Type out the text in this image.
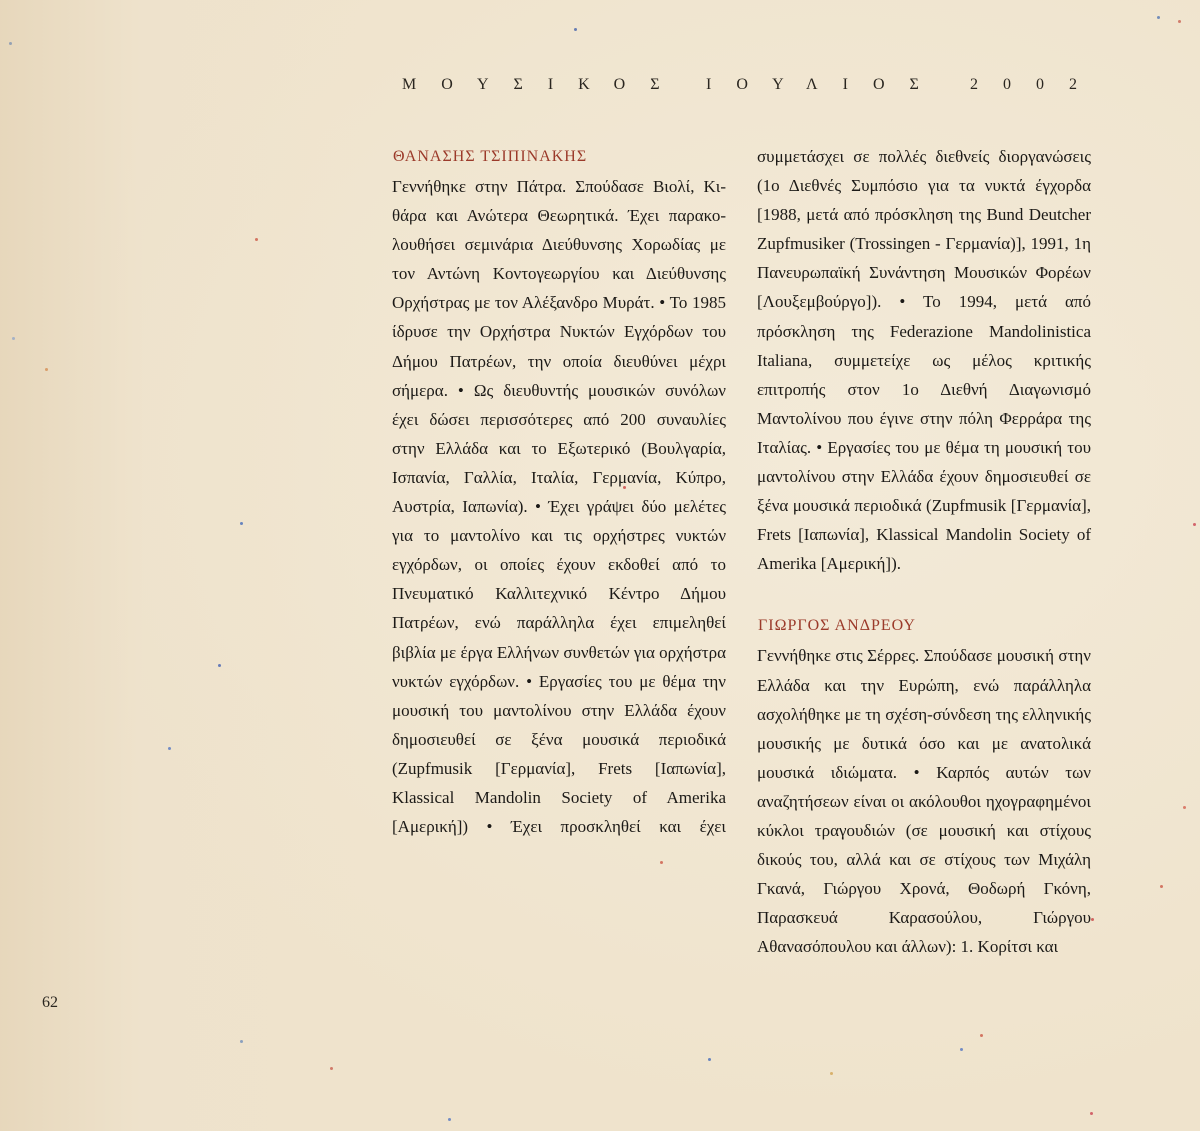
ΜΟΥΣΙΚΟΣ ΙΟΥΛΙΟΣ 2002
ΘΑΝΑΣΗΣ ΤΣΙΠΙΝΑΚΗΣ

Γεννήθηκε στην Πάτρα. Σπούδασε Βιολί, Κιθάρα και Ανώτερα Θεωρητικά. Έχει παρακολουθήσει σεμινάρια Διεύθυνσης Χορωδίας με τον Αντώνη Κοντογεωργίου και Διεύθυνσης Ορχήστρας με τον Αλέξανδρο Μυράτ. • Το 1985 ίδρυσε την Ορχήστρα Νυκτών Εγχόρδων του Δήμου Πατρέων, την οποία διευθύνει μέχρι σήμερα. • Ως διευθυντής μουσικών συνόλων έχει δώσει περισσότερες από 200 συναυλίες στην Ελλάδα και το Εξωτερικό (Βουλγαρία, Ισπανία, Γαλλία, Ιταλία, Γερμανία, Κύπρο, Αυστρία, Ιαπωνία). • Έχει γράψει δύο μελέτες για το μαντολίνο και τις ορχήστρες νυκτών εγχόρδων, οι οποίες έχουν εκδοθεί από το Πνευματικό Καλλιτεχνικό Κέντρο Δήμου Πατρέων, ενώ παράλληλα έχει επιμεληθεί βιβλία με έργα Ελλήνων συνθετών για ορχήστρα νυκτών εγχόρδων. • Εργασίες του με θέμα την μουσική του μαντολίνου στην Ελλάδα έχουν δημοσιευθεί σε ξένα μουσικά περιοδικά (Zupfmusik [Γερμανία], Frets [Ιαπωνία], Klassical Mandolin Society of Amerika [Αμερική]) • Έχει προσκληθεί και έχει

συμμετάσχει σε πολλές διεθνείς διοργανώσεις (1ο Διεθνές Συμπόσιο για τα νυκτά έγχορδα [1988, μετά από πρόσκληση της Bund Deutcher Zupfmusiker (Trossingen - Γερμανία)], 1991, 1η Πανευρωπαϊκή Συνάντηση Μουσικών Φορέων [Λουξεμβούργο]). • Το 1994, μετά από πρόσκληση της Federazione Mandolinistica Italiana, συμμετείχε ως μέλος κριτικής επιτροπής στον 1ο Διεθνή Διαγωνισμό Μαντολίνου που έγινε στην πόλη Φερράρα της Ιταλίας. • Εργασίες του με θέμα τη μουσική του μαντολίνου στην Ελλάδα έχουν δημοσιευθεί σε ξένα μουσικά περιοδικά (Zupfmusik [Γερμανία], Frets [Ιαπωνία], Klassical Mandolin Society of Amerika [Αμερική]).

ΓΙΩΡΓΟΣ ΑΝΔΡΕΟΥ

Γεννήθηκε στις Σέρρες. Σπούδασε μουσική στην Ελλάδα και την Ευρώπη, ενώ παράλληλα ασχολήθηκε με τη σχέση-σύνδεση της ελληνικής μουσικής με δυτικά όσο και με ανατολικά μουσικά ιδιώματα. • Καρπός αυτών των αναζητήσεων είναι οι ακόλουθοι ηχογραφημένοι κύκλοι τραγουδιών (σε μουσική και στίχους δικούς του, αλλά και σε στίχους των Μιχάλη Γκανά, Γιώργου Χρονά, Θοδωρή Γκόνη, Παρασκευά Καρασούλου, Γιώργου Αθανασόπουλου και άλλων): 1. Κορίτσι και

62
